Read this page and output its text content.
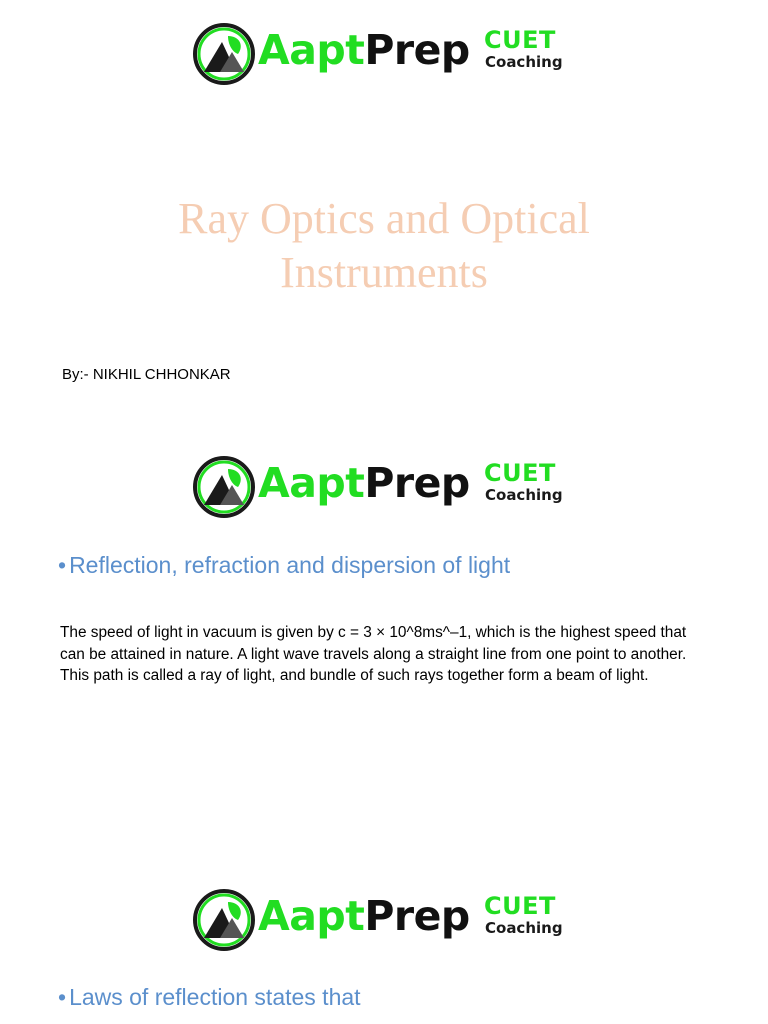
AaptPrep CUET
Coaching
Ray Optics and Optical
Instruments
By:- NIKHIL CHHONKAR
AaptPrep CUET
Coaching
• Reflection, refraction and dispersion of light
The speed of light in vacuum is given by c = 3 × 10^8ms^–1, which is the highest speed that can be attained in nature. A light wave travels along a straight line from one point to another. This path is called a ray of light, and bundle of such rays together form a beam of light.
AaptPrep CUET
Coaching
• Laws of reflection states that
